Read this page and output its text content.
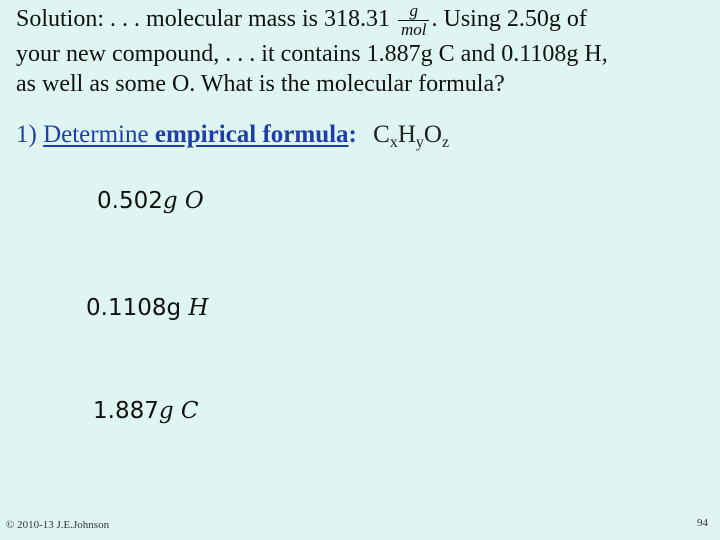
Solution: . . . molecular mass is $318.31 \frac{g}{\text{mol}}$ . Using 2.50g of
your new compound, . . . it contains 1.887g C and 0.1108g H,
as well as some O. What is the molecular formula?
1) Determine empirical formula: $C_xH_yO_z$
0.502g O
0.1108g H
1.887g C
© 2010-13 J.E.Johnson	94
